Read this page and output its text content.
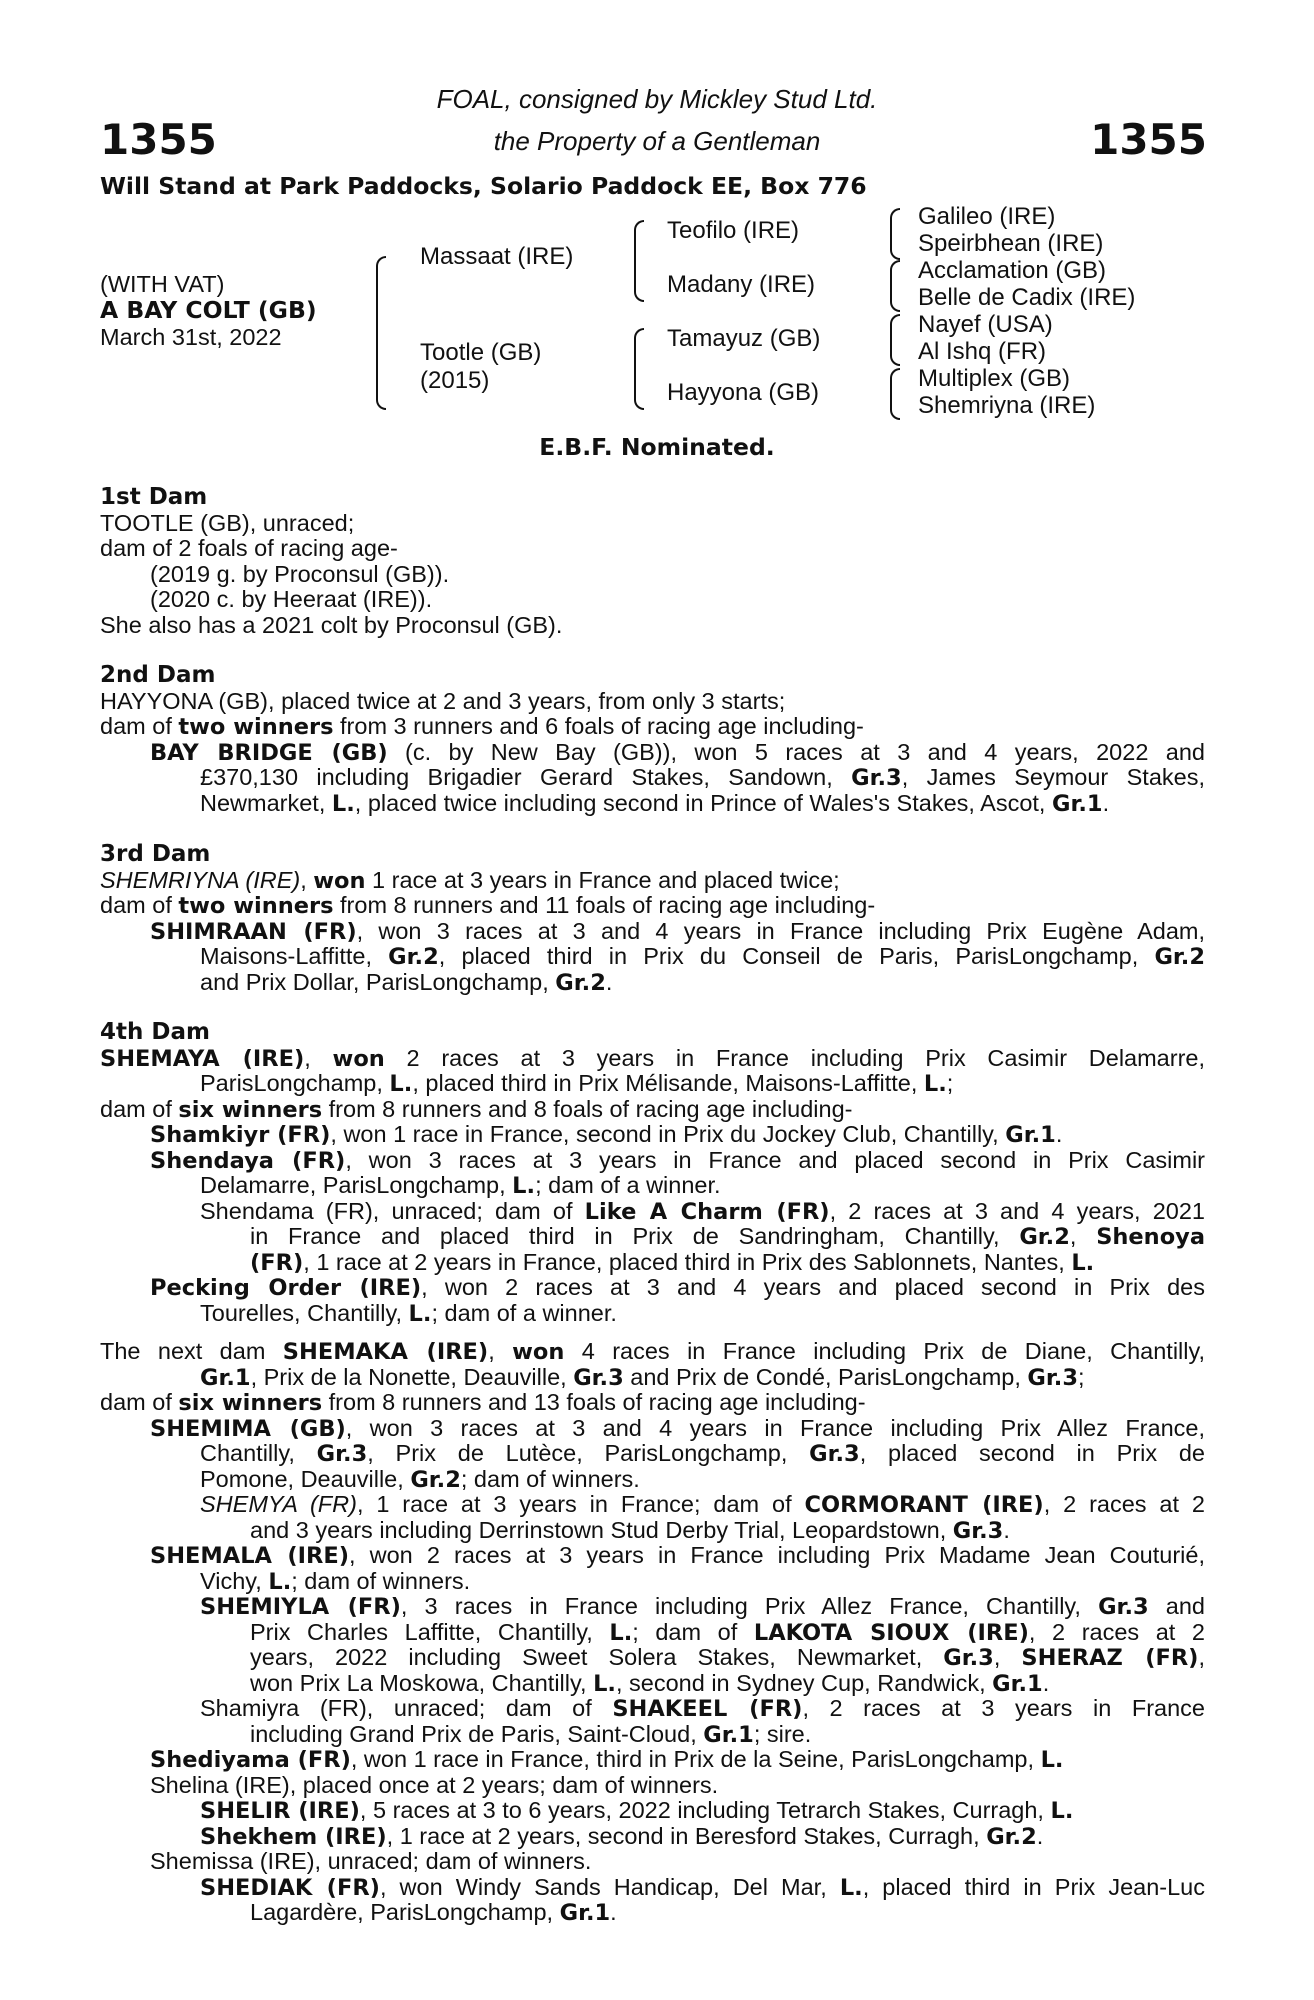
1355	1355
FOAL, consigned by Mickley Stud Ltd.
the Property of a Gentleman
Will Stand at Park Paddocks, Solario Paddock EE, Box 776
(WITH VAT)
A BAY COLT (GB)
March 31st, 2022
Massaat (IRE)
Tootle (GB)
(2015)
Teofilo (IRE)
Madany (IRE)
Tamayuz (GB)
Hayyona (GB)
Galileo (IRE)
Speirbhean (IRE)
Acclamation (GB)
Belle de Cadix (IRE)
Nayef (USA)
Al Ishq (FR)
Multiplex (GB)
Shemriyna (IRE)
E.B.F. Nominated.
1st Dam
TOOTLE (GB), unraced;
dam of 2 foals of racing age-
(2019 g. by Proconsul (GB)).
(2020 c. by Heeraat (IRE)).
She also has a 2021 colt by Proconsul (GB).
2nd Dam
HAYYONA (GB), placed twice at 2 and 3 years, from only 3 starts;
dam of two winners from 3 runners and 6 foals of racing age including-
BAY BRIDGE (GB) (c. by New Bay (GB)), won 5 races at 3 and 4 years, 2022 and
£370,130 including Brigadier Gerard Stakes, Sandown, Gr.3, James Seymour Stakes,
Newmarket, L., placed twice including second in Prince of Wales's Stakes, Ascot, Gr.1.
3rd Dam
SHEMRIYNA (IRE), won 1 race at 3 years in France and placed twice;
dam of two winners from 8 runners and 11 foals of racing age including-
SHIMRAAN (FR), won 3 races at 3 and 4 years in France including Prix Eugène Adam,
Maisons-Laffitte, Gr.2, placed third in Prix du Conseil de Paris, ParisLongchamp, Gr.2
and Prix Dollar, ParisLongchamp, Gr.2.
4th Dam
SHEMAYA (IRE), won 2 races at 3 years in France including Prix Casimir Delamarre,
ParisLongchamp, L., placed third in Prix Mélisande, Maisons-Laffitte, L.;
dam of six winners from 8 runners and 8 foals of racing age including-
Shamkiyr (FR), won 1 race in France, second in Prix du Jockey Club, Chantilly, Gr.1.
Shendaya (FR), won 3 races at 3 years in France and placed second in Prix Casimir
Delamarre, ParisLongchamp, L.; dam of a winner.
Shendama (FR), unraced; dam of Like A Charm (FR), 2 races at 3 and 4 years, 2021
in France and placed third in Prix de Sandringham, Chantilly, Gr.2, Shenoya
(FR), 1 race at 2 years in France, placed third in Prix des Sablonnets, Nantes, L.
Pecking Order (IRE), won 2 races at 3 and 4 years and placed second in Prix des
Tourelles, Chantilly, L.; dam of a winner.
The next dam SHEMAKA (IRE), won 4 races in France including Prix de Diane, Chantilly,
Gr.1, Prix de la Nonette, Deauville, Gr.3 and Prix de Condé, ParisLongchamp, Gr.3;
dam of six winners from 8 runners and 13 foals of racing age including-
SHEMIMA (GB), won 3 races at 3 and 4 years in France including Prix Allez France,
Chantilly, Gr.3, Prix de Lutèce, ParisLongchamp, Gr.3, placed second in Prix de
Pomone, Deauville, Gr.2; dam of winners.
SHEMYA (FR), 1 race at 3 years in France; dam of CORMORANT (IRE), 2 races at 2
and 3 years including Derrinstown Stud Derby Trial, Leopardstown, Gr.3.
SHEMALA (IRE), won 2 races at 3 years in France including Prix Madame Jean Couturié,
Vichy, L.; dam of winners.
SHEMIYLA (FR), 3 races in France including Prix Allez France, Chantilly, Gr.3 and
Prix Charles Laffitte, Chantilly, L.; dam of LAKOTA SIOUX (IRE), 2 races at 2
years, 2022 including Sweet Solera Stakes, Newmarket, Gr.3, SHERAZ (FR),
won Prix La Moskowa, Chantilly, L., second in Sydney Cup, Randwick, Gr.1.
Shamiyra (FR), unraced; dam of SHAKEEL (FR), 2 races at 3 years in France
including Grand Prix de Paris, Saint-Cloud, Gr.1; sire.
Shediyama (FR), won 1 race in France, third in Prix de la Seine, ParisLongchamp, L.
Shelina (IRE), placed once at 2 years; dam of winners.
SHELIR (IRE), 5 races at 3 to 6 years, 2022 including Tetrarch Stakes, Curragh, L.
Shekhem (IRE), 1 race at 2 years, second in Beresford Stakes, Curragh, Gr.2.
Shemissa (IRE), unraced; dam of winners.
SHEDIAK (FR), won Windy Sands Handicap, Del Mar, L., placed third in Prix Jean-Luc
Lagardère, ParisLongchamp, Gr.1.
